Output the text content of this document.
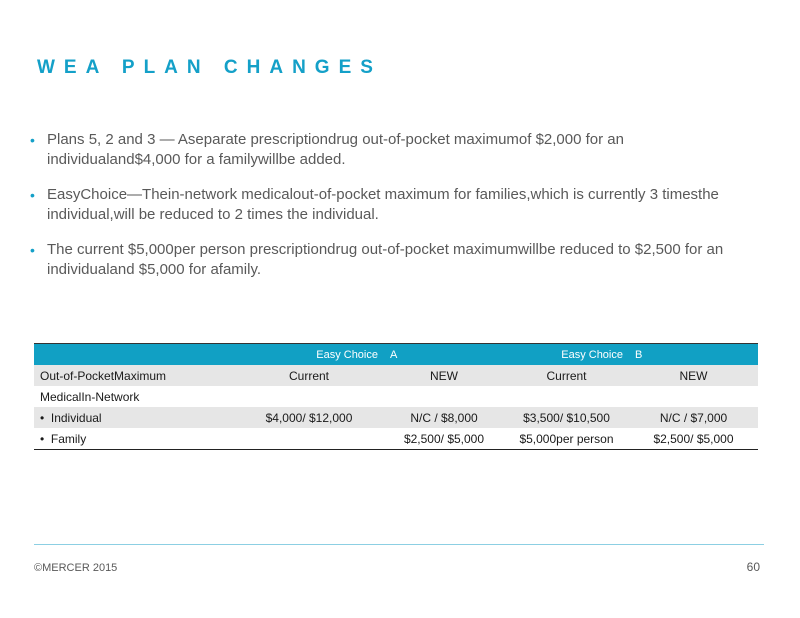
WEA PLAN CHANGES
• Plans 5, 2 and 3 — Aseparate prescriptiondrug out-of-pocket maximumof $2,000 for an individualand$4,000 for a familywillbe added.
• EasyChoice—Thein-network medicalout-of-pocket maximum for families,which is currently 3 timesthe individual,will be reduced to 2 times the individual.
• The current $5,000per person prescriptiondrug out-of-pocket maximumwillbe reduced to $2,500 for an individualand $5,000 for afamily.
	Easy Choice	A	Easy Choice	B
Out-of-PocketMaximum	Current	NEW	Current	NEW
MedicalIn-Network				
•  Individual	$4,000/ $12,000	N/C / $8,000	$3,500/ $10,500	N/C / $7,000
•  Family		$2,500/ $5,000	$5,000per person	$2,500/ $5,000
©MERCER 2015	60
